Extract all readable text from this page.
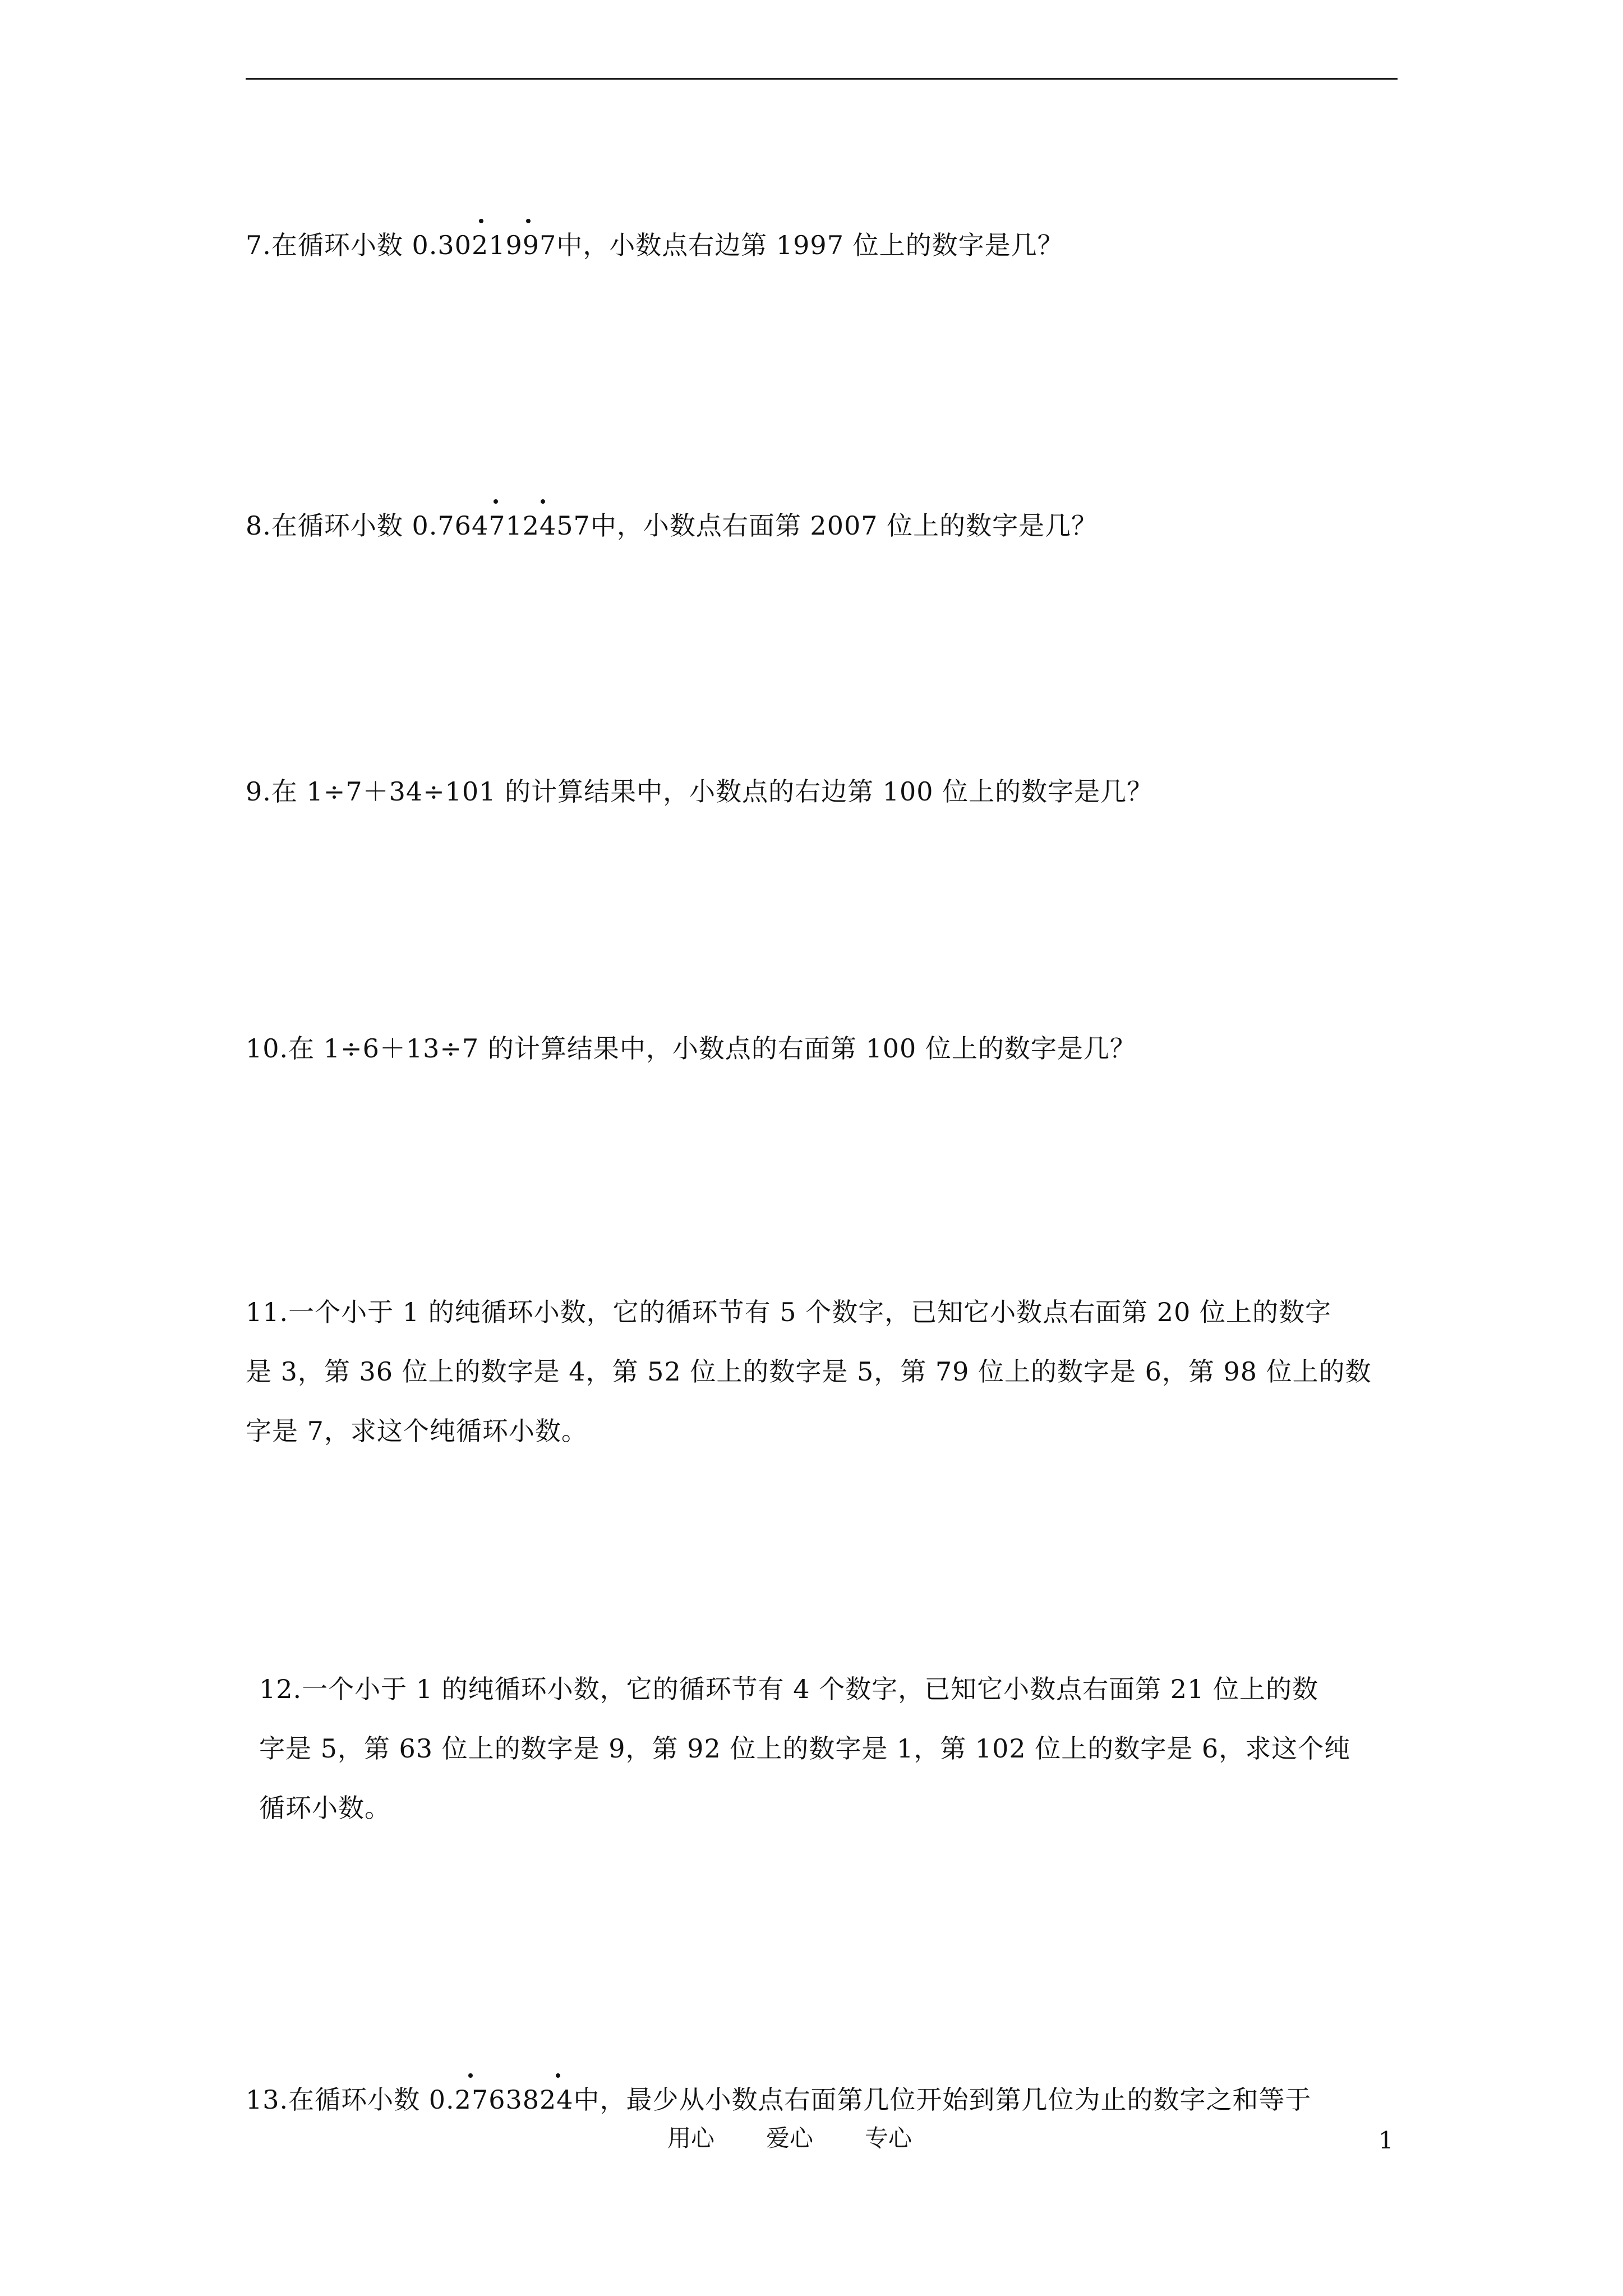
7.在循环小数 0.3021997
中，小数点右边第 1997 位上的数字是几？
8.在循环小数 0.764712457
中，小数点右面第 2007 位上的数字是几？
9.在 1÷7＋34÷101 的计算结果中，小数点的右边第 100 位上的数字是几？
10.在 1÷6＋13÷7 的计算结果中，小数点的右面第 100 位上的数字是几？
11.一个小于 1 的纯循环小数，它的循环节有 5 个数字，已知它小数点右面第 20 位上的数字
是 3，第 36 位上的数字是 4，第 52 位上的数字是 5，第 79 位上的数字是 6，第 98 位上的数
字是 7，求这个纯循环小数。
12.一个小于 1 的纯循环小数，它的循环节有 4 个数字，已知它小数点右面第 21 位上的数
字是 5，第 63 位上的数字是 9，第 92 位上的数字是 1，第 102 位上的数字是 6，求这个纯
循环小数。
13.在循环小数 0.2763824
中，最少从小数点右面第几位开始到第几位为止的数字之和等于
用心 爱心 专心	1
